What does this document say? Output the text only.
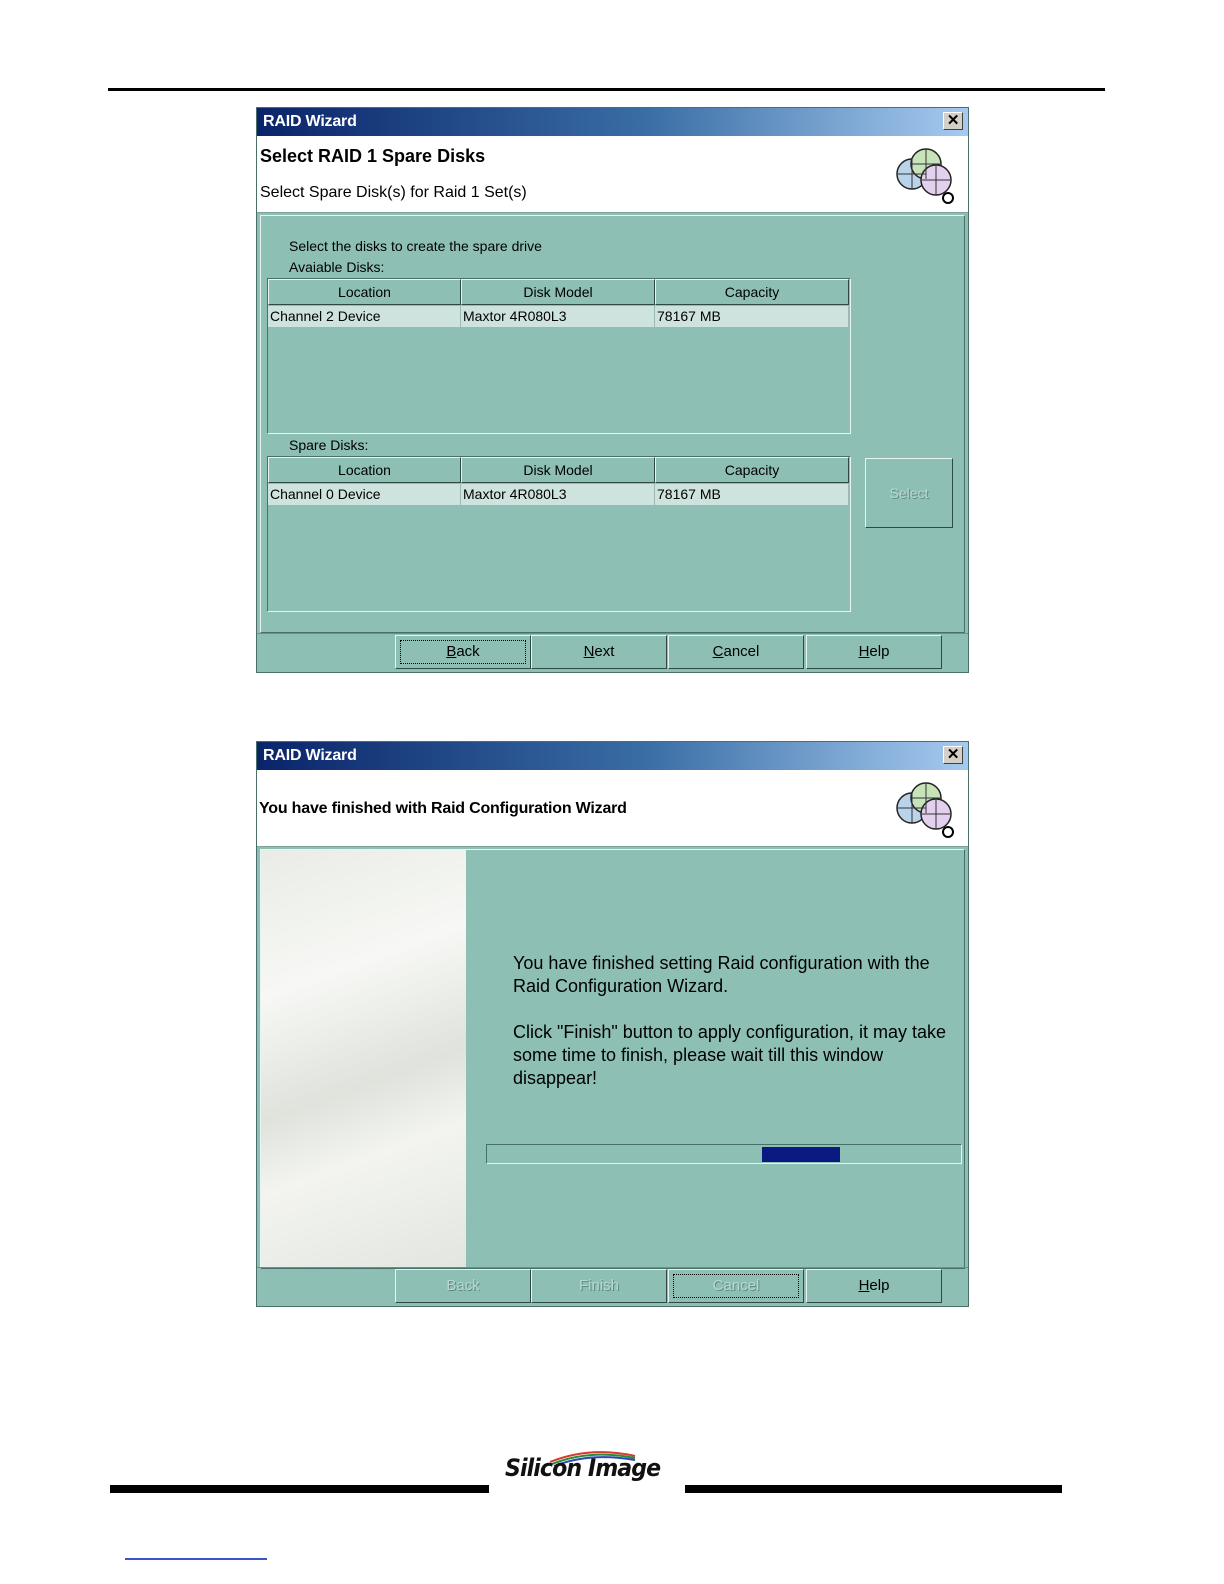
RAID Wizard	✕
Select RAID 1 Spare Disks
Select Spare Disk(s) for Raid 1 Set(s)
Select the disks to create the spare drive
Avaiable Disks:
Location	Disk Model	Capacity
Channel 2 Device	Maxtor 4R080L3	78167 MB
Spare Disks:
Location	Disk Model	Capacity
Channel 0 Device	Maxtor 4R080L3	78167 MB	Select
Back	Next	Cancel	Help
RAID Wizard	✕
You have finished with Raid Configuration Wizard

You have finished setting Raid configuration with the Raid Configuration Wizard.

Click "Finish" button to apply configuration, it may take some time to finish, please wait till this window disappear!

Back	Finish	Cancel	Help
Silicon Image
